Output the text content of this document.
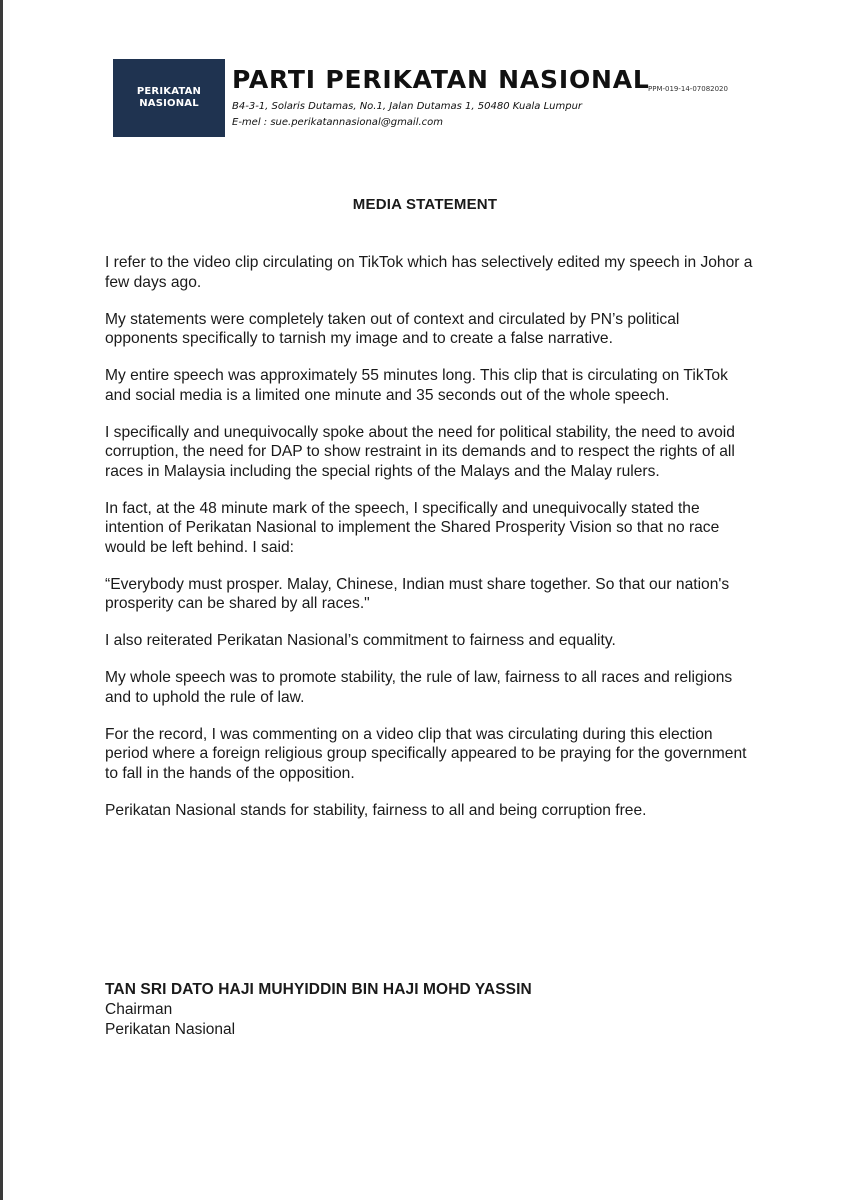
PERIKATAN
NASIONAL
PARTI PERIKATAN NASIONAL
PPM-019-14-07082020
B4-3-1, Solaris Dutamas, No.1, Jalan Dutamas 1, 50480 Kuala Lumpur
E-mel : sue.perikatannasional@gmail.com
MEDIA STATEMENT

I refer to the video clip circulating on TikTok which has selectively edited my speech in Johor a few days ago.

My statements were completely taken out of context and circulated by PN’s political opponents specifically to tarnish my image and to create a false narrative.

My entire speech was approximately 55 minutes long. This clip that is circulating on TikTok and social media is a limited one minute and 35 seconds out of the whole speech.

I specifically and unequivocally spoke about the need for political stability, the need to avoid corruption, the need for DAP to show restraint in its demands and to respect the rights of all races in Malaysia including the special rights of the Malays and the Malay rulers.

In fact, at the 48 minute mark of the speech, I specifically and unequivocally stated the intention of Perikatan Nasional to implement the Shared Prosperity Vision so that no race would be left behind. I said:

“Everybody must prosper. Malay, Chinese, Indian must share together. So that our nation's prosperity can be shared by all races."

I also reiterated Perikatan Nasional’s commitment to fairness and equality.

My whole speech was to promote stability, the rule of law, fairness to all races and religions and to uphold the rule of law.

For the record, I was commenting on a video clip that was circulating during this election period where a foreign religious group specifically appeared to be praying for the government to fall in the hands of the opposition.

Perikatan Nasional stands for stability, fairness to all and being corruption free.

TAN SRI DATO HAJI MUHYIDDIN BIN HAJI MOHD YASSIN
Chairman
Perikatan Nasional
